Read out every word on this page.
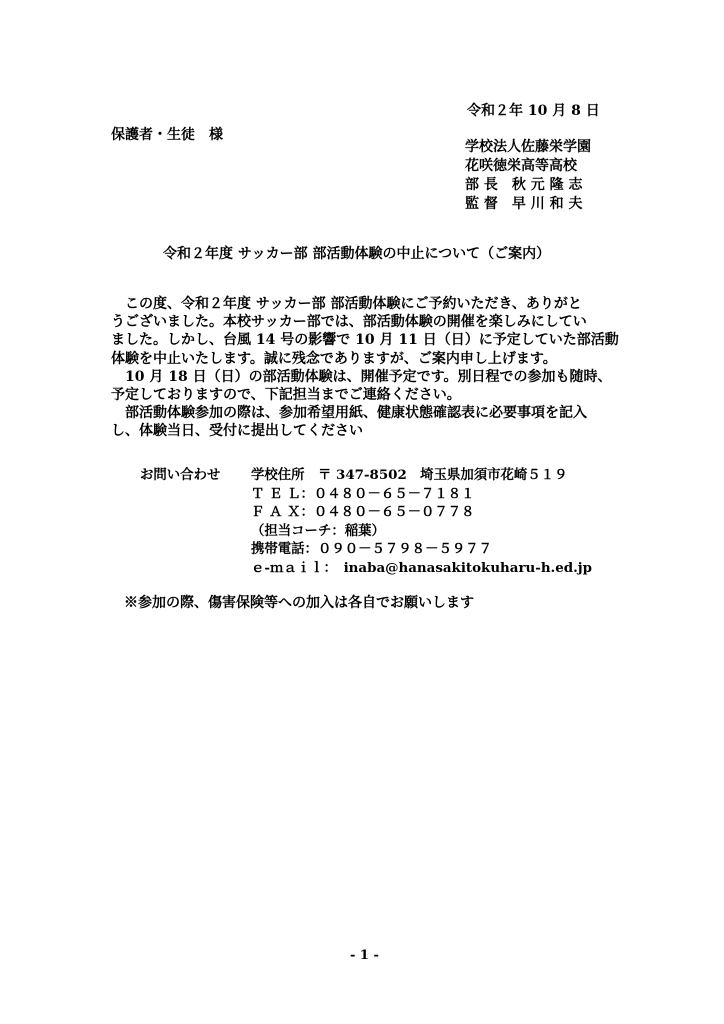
令和２年 10 月 8 日
保護者・生徒　様
学校法人佐藤栄学園
花咲徳栄高等高校
部 長　秋 元 隆 志
監 督　早 川 和 夫
令和２年度 サッカー部 部活動体験の中止について（ご案内）
　この度、令和２年度 サッカー部 部活動体験にご予約いただき、ありがと
うございました。本校サッカー部では、部活動体験の開催を楽しみにしてい
ました。しかし、台風 14 号の影響で 10 月 11 日（日）に予定していた部活動
体験を中止いたします。誠に残念でありますが、ご案内申し上げます。
　10 月 18 日（日）の部活動体験は、開催予定です。別日程での参加も随時、
予定しておりますので、下記担当までご連絡ください。
　部活動体験参加の際は、参加希望用紙、健康状態確認表に必要事項を記入
し、体験当日、受付に提出してください
お問い合わせ 学校住所　〒 347-8502　埼玉県加須市花崎５１９
Ｔ Ｅ Ｌ：０４８０－６５－７１８１
Ｆ Ａ Ｘ：０４８０－６５－０７７８
（担当コーチ：稲葉）
携帯電話：０９０－５７９８－５９７７
ｅ-ｍａｉｌ：　inaba@hanasakitokuharu-h.ed.jp
※参加の際、傷害保険等への加入は各自でお願いします
- 1 -
